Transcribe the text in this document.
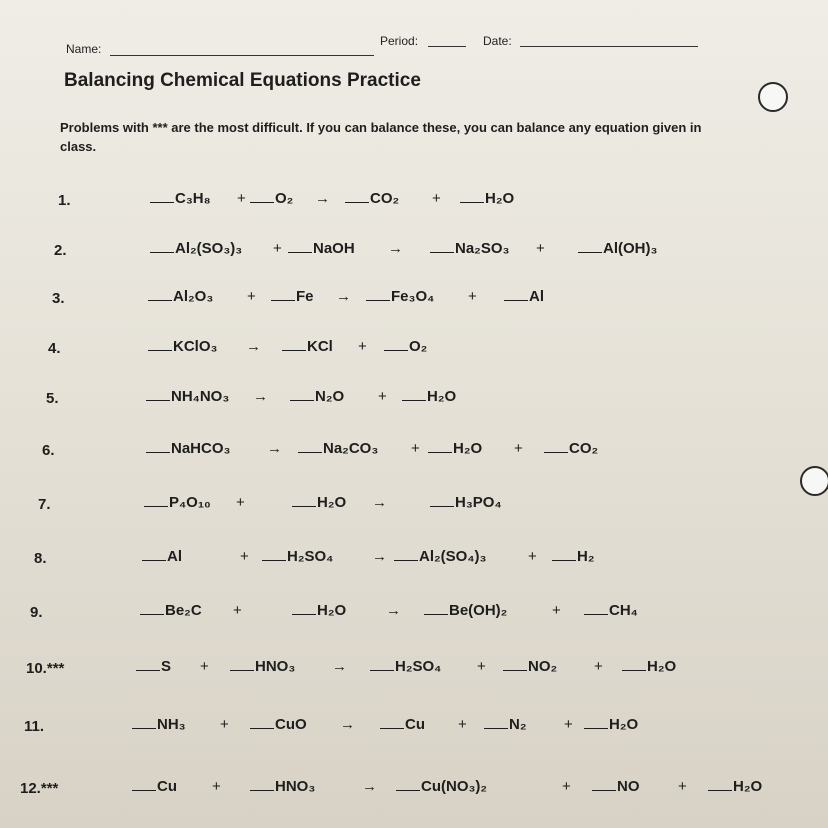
Name:
Period:	Date:
Balancing Chemical Equations Practice
Problems with *** are the most difficult. If you can balance these, you can balance any equation given in class.
1.	C₃H₈ +	O₂ →	CO₂ +	H₂O
2.	Al₂(SO₃)₃ +	NaOH →	Na₂SO₃ +	Al(OH)₃
3.	Al₂O₃ +	Fe →	Fe₃O₄ +	Al
4.	KClO₃ →	KCl +	O₂
5.	NH₄NO₃ →	N₂O +	H₂O
6.	NaHCO₃ →	Na₂CO₃ +	H₂O +	CO₂
7.	P₄O₁₀ +	H₂O →	H₃PO₄
8.	Al	+	H₂SO₄	→	Al₂(SO₄)₃	+	H₂
9.	Be₂C +	H₂O	→	Be(OH)₂	+	CH₄
10.***	S +	HNO₃ →	H₂SO₄ +	NO₂ +	H₂O
11.	NH₃ +	CuO →	Cu +	N₂	+	H₂O
12.***	Cu +	HNO₃	→	Cu(NO₃)₂	+	NO	+	H₂O
